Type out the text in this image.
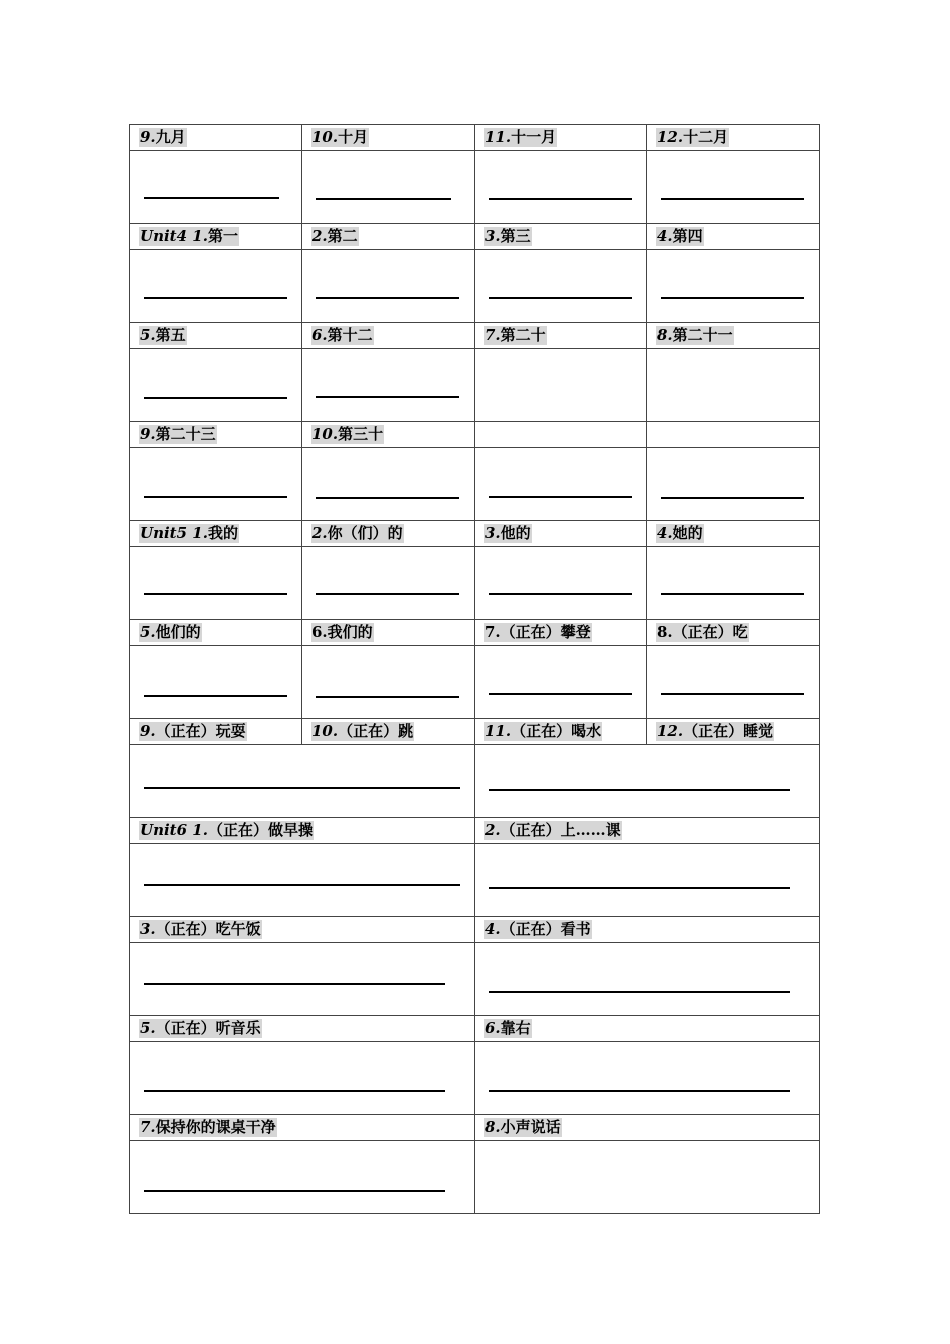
9.九月	10.十月	11.十一月	12.十二月

Unit4 1.第一	2.第二	3.第三	4.第四

5.第五	6.第十二	7.第二十	8.第二十一

9.第二十三	10.第三十		

Unit5 1.我的	2.你（们）的	3.他的	4.她的

5.他们的	6.我们的	7.（正在）攀登	8.（正在）吃

9.（正在）玩耍	10.（正在）跳	11.（正在）喝水	12.（正在）睡觉

Unit6 1.（正在）做早操		2.（正在）上……课	

3.（正在）吃午饭		4.（正在）看书	

5.（正在）听音乐		6.靠右	

7.保持你的课桌干净		8.小声说话	
